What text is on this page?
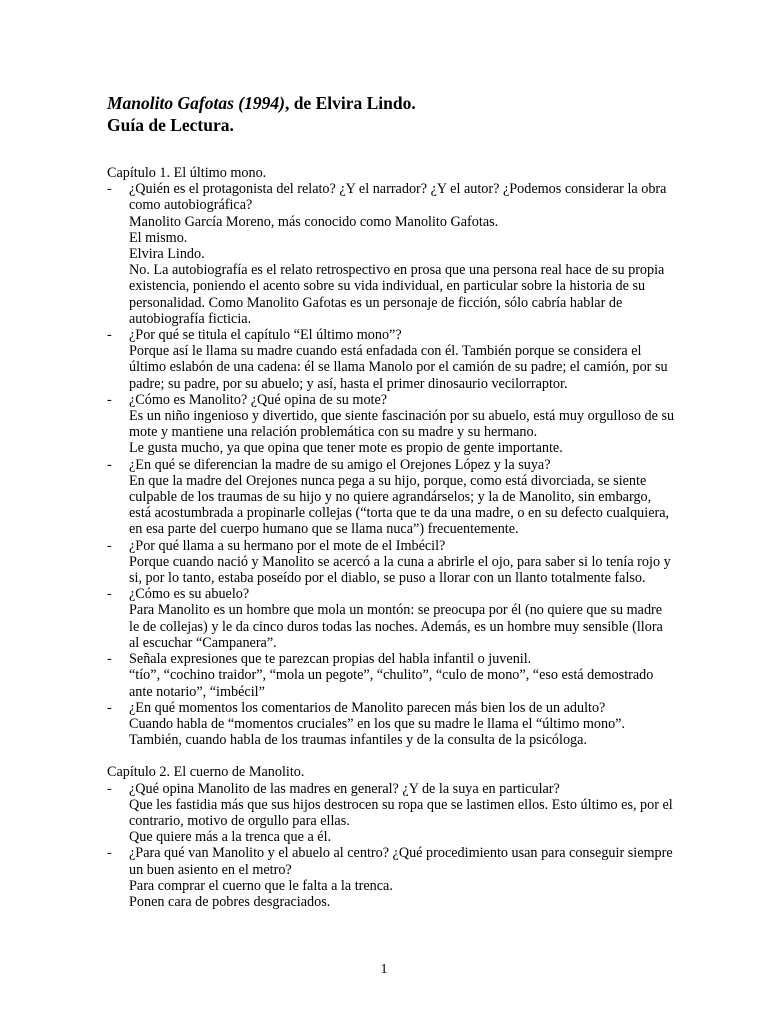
Manolito Gafotas (1994), de Elvira Lindo.
Guía de Lectura.
Capítulo 1. El último mono.
- ¿Quién es el protagonista del relato? ¿Y el narrador? ¿Y el autor? ¿Podemos considerar la obra
como autobiográfica?
Manolito García Moreno, más conocido como Manolito Gafotas.
El mismo.
Elvira Lindo.
No. La autobiografía es el relato retrospectivo en prosa que una persona real hace de su propia
existencia, poniendo el acento sobre su vida individual, en particular sobre la historia de su
personalidad. Como Manolito Gafotas es un personaje de ficción, sólo cabría hablar de
autobiografía ficticia.
- ¿Por qué se titula el capítulo “El último mono”?
Porque así le llama su madre cuando está enfadada con él. También porque se considera el
último eslabón de una cadena: él se llama Manolo por el camión de su padre; el camión, por su
padre; su padre, por su abuelo; y así, hasta el primer dinosaurio vecilorraptor.
- ¿Cómo es Manolito? ¿Qué opina de su mote?
Es un niño ingenioso y divertido, que siente fascinación por su abuelo, está muy orgulloso de su
mote y mantiene una relación problemática con su madre y su hermano.
Le gusta mucho, ya que opina que tener mote es propio de gente importante.
- ¿En qué se diferencian la madre de su amigo el Orejones López y la suya?
En que la madre del Orejones nunca pega a su hijo, porque, como está divorciada, se siente
culpable de los traumas de su hijo y no quiere agrandárselos; y la de Manolito, sin embargo,
está acostumbrada a propinarle collejas (“torta que te da una madre, o en su defecto cualquiera,
en esa parte del cuerpo humano que se llama nuca”) frecuentemente.
- ¿Por qué llama a su hermano por el mote de el Imbécil?
Porque cuando nació y Manolito se acercó a la cuna a abrirle el ojo, para saber si lo tenía rojo y
si, por lo tanto, estaba poseído por el diablo, se puso a llorar con un llanto totalmente falso.
- ¿Cómo es su abuelo?
Para Manolito es un hombre que mola un montón: se preocupa por él (no quiere que su madre
le de collejas) y le da cinco duros todas las noches. Además, es un hombre muy sensible (llora
al escuchar “Campanera”.
- Señala expresiones que te parezcan propias del habla infantil o juvenil.
“tío”, “cochino traidor”, “mola un pegote”, “chulito”, “culo de mono”, “eso está demostrado
ante notario”, “imbécil”
- ¿En qué momentos los comentarios de Manolito parecen más bien los de un adulto?
Cuando habla de “momentos cruciales” en los que su madre le llama el “último mono”.
También, cuando habla de los traumas infantiles y de la consulta de la psicóloga.
Capítulo 2. El cuerno de Manolito.
- ¿Qué opina Manolito de las madres en general? ¿Y de la suya en particular?
Que les fastidia más que sus hijos destrocen su ropa que se lastimen ellos. Esto último es, por el
contrario, motivo de orgullo para ellas.
Que quiere más a la trenca que a él.
- ¿Para qué van Manolito y el abuelo al centro? ¿Qué procedimiento usan para conseguir siempre
un buen asiento en el metro?
Para comprar el cuerno que le falta a la trenca.
Ponen cara de pobres desgraciados.
1
